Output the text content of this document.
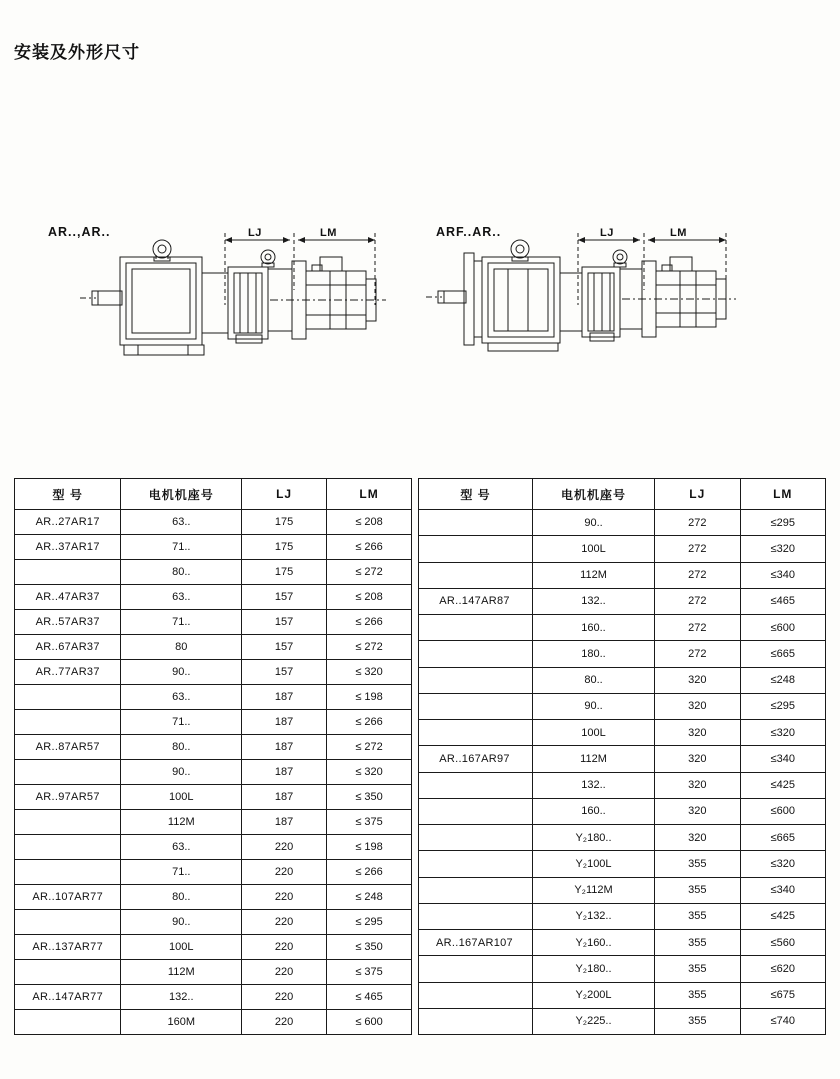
安装及外形尺寸
AR..,AR..	LJ	LM	ARF..AR..	LJ	LM
型 号	电机机座号	LJ	LM
AR..27AR17	63..	175	≤ 208
AR..37AR17	71..	175	≤ 266
	80..	175	≤ 272
AR..47AR37	63..	157	≤ 208
AR..57AR37	71..	157	≤ 266
AR..67AR37	80	157	≤ 272
AR..77AR37	90..	157	≤ 320
	63..	187	≤ 198
	71..	187	≤ 266
AR..87AR57	80..	187	≤ 272
	90..	187	≤ 320
AR..97AR57	100L	187	≤ 350
	112M	187	≤ 375
	63..	220	≤ 198
	71..	220	≤ 266
AR..107AR77	80..	220	≤ 248
	90..	220	≤ 295
AR..137AR77	100L	220	≤ 350
	112M	220	≤ 375
AR..147AR77	132..	220	≤ 465
	160M	220	≤ 600
型 号	电机机座号	LJ	LM
	90..	272	≤295
	100L	272	≤320
	112M	272	≤340
AR..147AR87	132..	272	≤465
	160..	272	≤600
	180..	272	≤665
	80..	320	≤248
	90..	320	≤295
	100L	320	≤320
AR..167AR97	112M	320	≤340
	132..	320	≤425
	160..	320	≤600
	Y₂180..	320	≤665
	Y₂100L	355	≤320
	Y₂112M	355	≤340
	Y₂132..	355	≤425
AR..167AR107	Y₂160..	355	≤560
	Y₂180..	355	≤620
	Y₂200L	355	≤675
	Y₂225..	355	≤740
